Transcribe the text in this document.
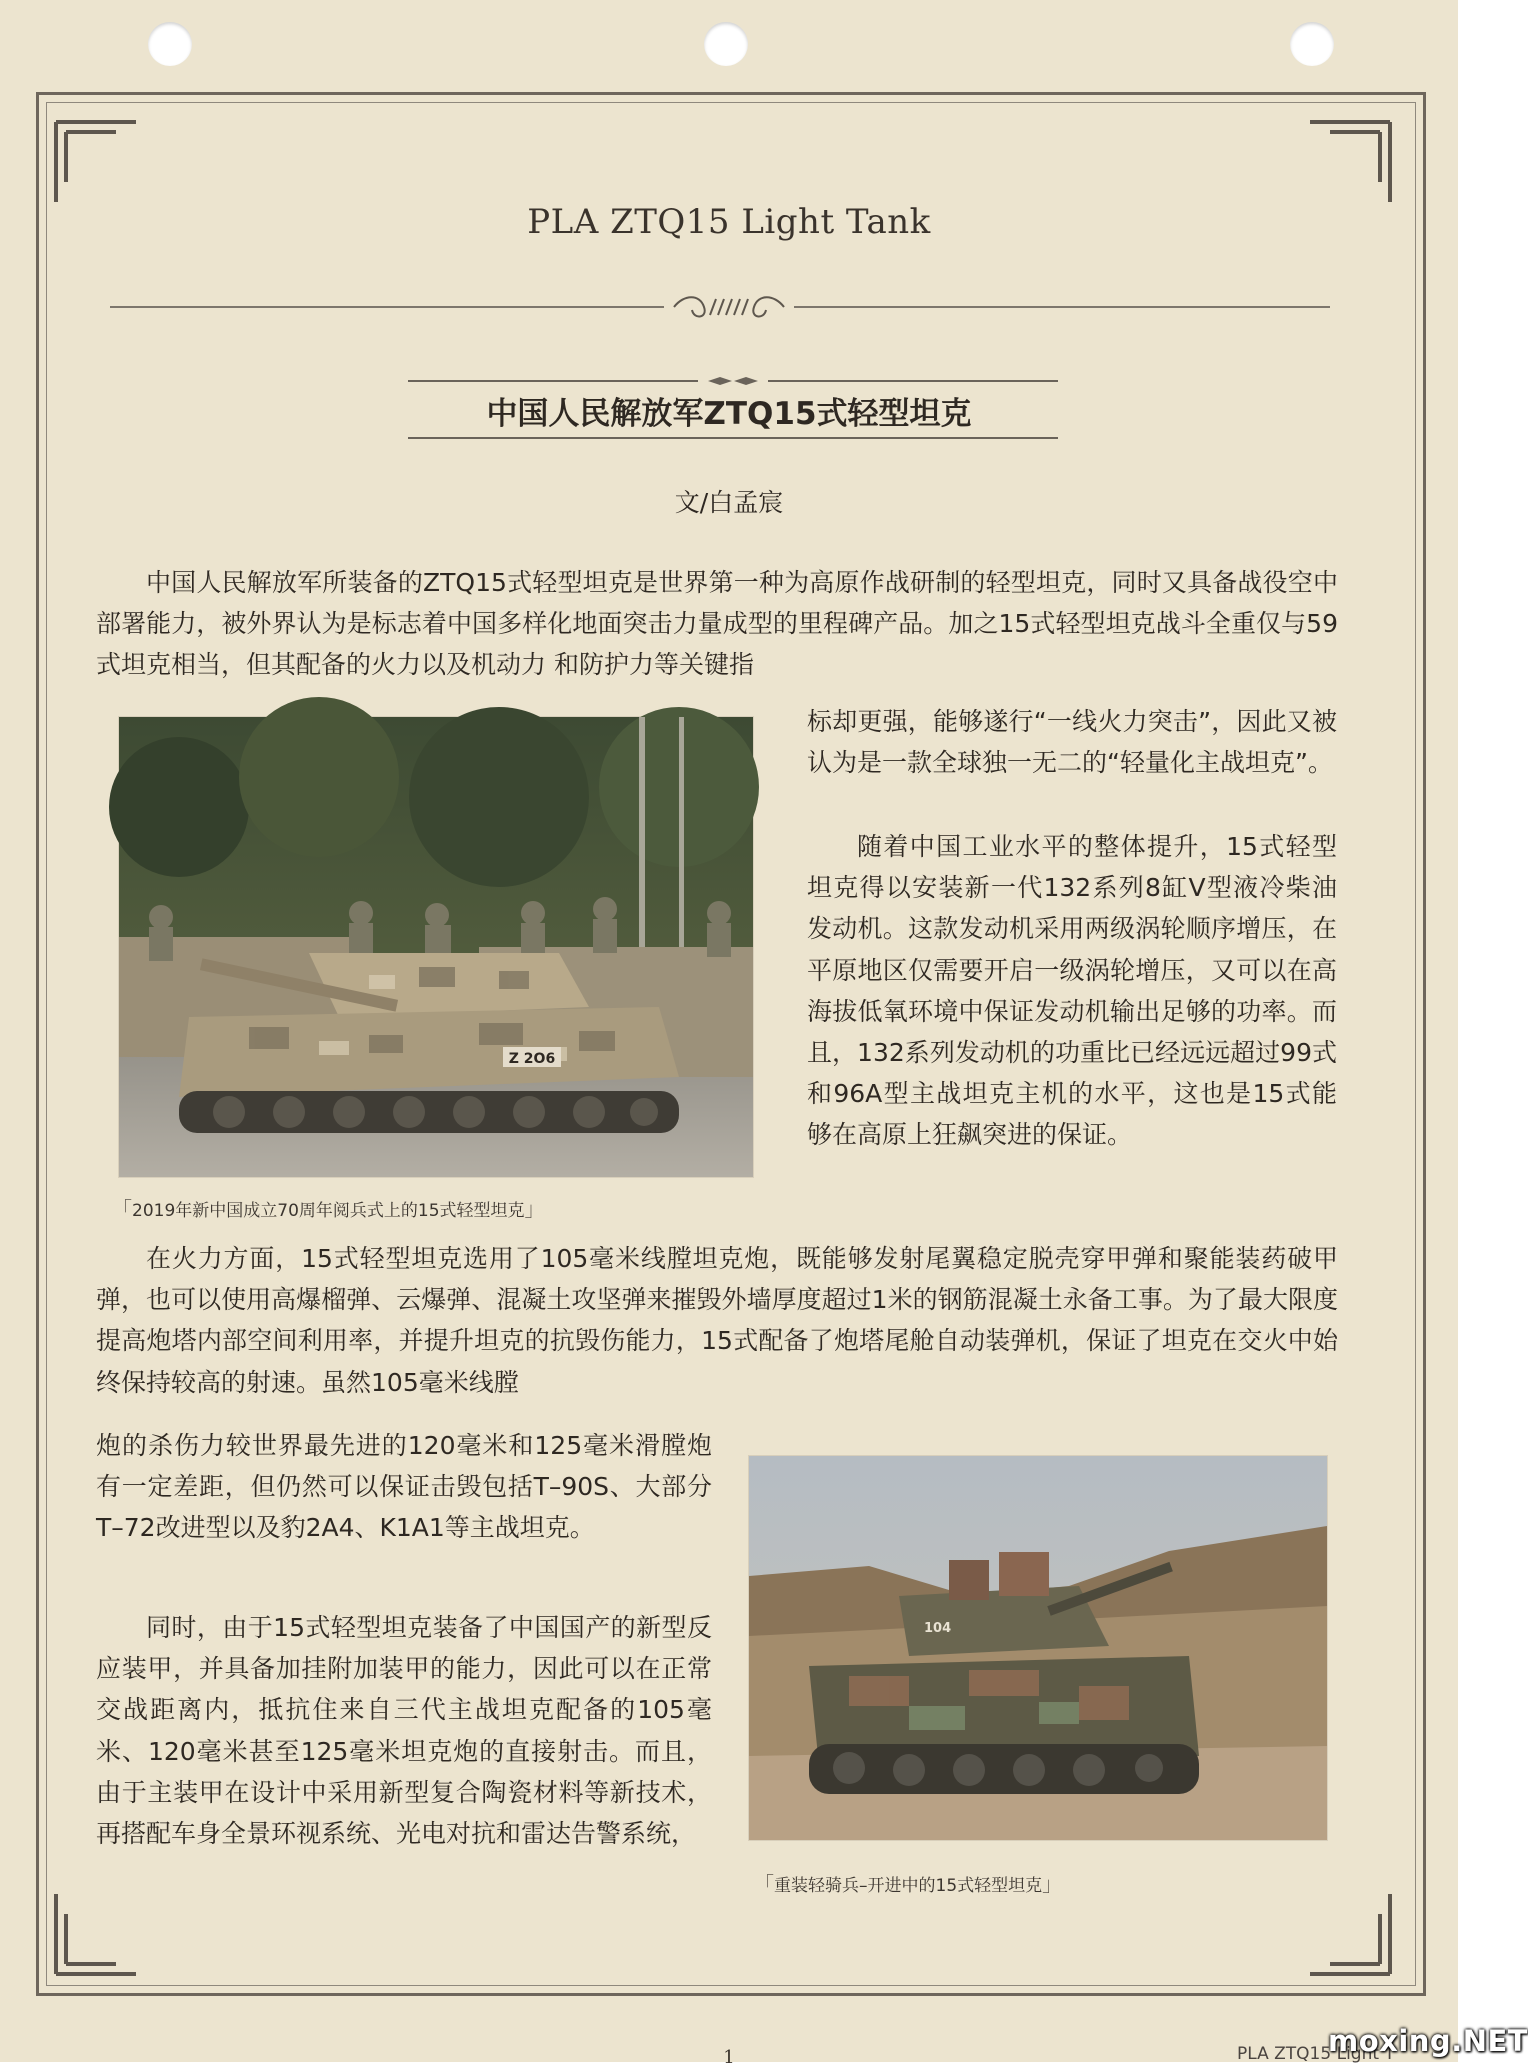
PLA ZTQ15 Light Tank
中国人民解放军ZTQ15式轻型坦克
文/白孟宸

中国人民解放军所装备的ZTQ15式轻型坦克是世界第一种为高原作战研制的轻型坦克，同时又具备战役空中部署能力，被外界认为是标志着中国多样化地面突击力量成型的里程碑产品。加之15式轻型坦克战斗全重仅与59式坦克相当，但其配备的火力以及机动力 和防护力等关键指

Z 2O6

标却更强，能够遂行“一线火力突击”，因此又被认为是一款全球独一无二的“轻量化主战坦克”。

随着中国工业水平的整体提升，15式轻型坦克得以安装新一代132系列8缸V型液冷柴油发动机。这款发动机采用两级涡轮顺序增压，在平原地区仅需要开启一级涡轮增压，又可以在高海拔低氧环境中保证发动机输出足够的功率。而且，132系列发动机的功重比已经远远超过99式和96A型主战坦克主机的水平，这也是15式能够在高原上狂飙突进的保证。

「2019年新中国成立70周年阅兵式上的15式轻型坦克」

在火力方面，15式轻型坦克选用了105毫米线膛坦克炮，既能够发射尾翼稳定脱壳穿甲弹和聚能装药破甲弹，也可以使用高爆榴弹、云爆弹、混凝土攻坚弹来摧毁外墙厚度超过1米的钢筋混凝土永备工事。为了最大限度提高炮塔内部空间利用率，并提升坦克的抗毁伤能力，15式配备了炮塔尾舱自动装弹机，保证了坦克在交火中始终保持较高的射速。虽然105毫米线膛

炮的杀伤力较世界最先进的120毫米和125毫米滑膛炮有一定差距，但仍然可以保证击毁包括T–90S、大部分T–72改进型以及豹2A4、K1A1等主战坦克。

同时，由于15式轻型坦克装备了中国国产的新型反应装甲，并具备加挂附加装甲的能力，因此可以在正常交战距离内，抵抗住来自三代主战坦克配备的105毫米、120毫米甚至125毫米坦克炮的直接射击。而且，由于主装甲在设计中采用新型复合陶瓷材料等新技术，再搭配车身全景环视系统、光电对抗和雷达告警系统，

104
「重装轻骑兵–开进中的15式轻型坦克」
1	PLA ZTQ15 Light T
moxing.NET
